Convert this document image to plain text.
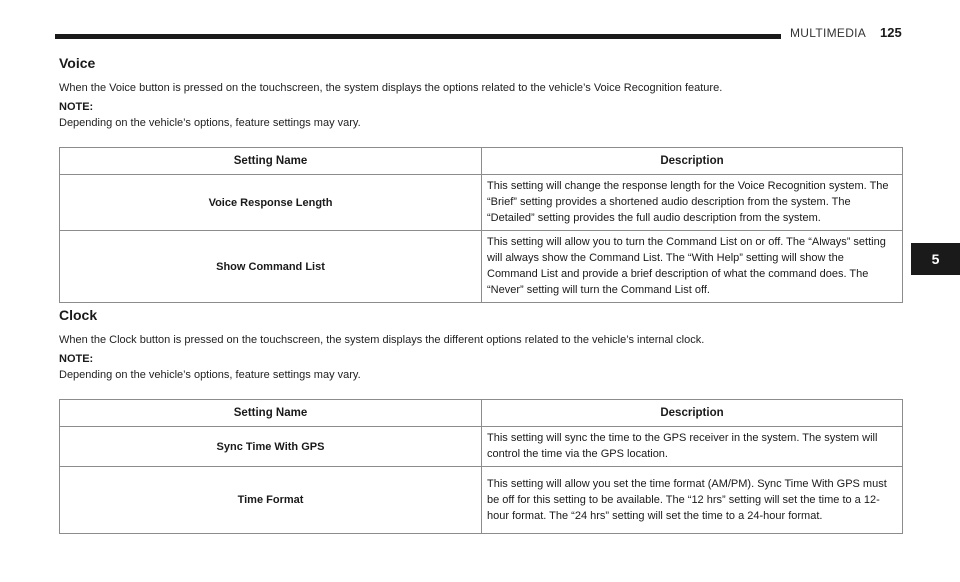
MULTIMEDIA 125
5
Voice
When the Voice button is pressed on the touchscreen, the system displays the options related to the vehicle’s Voice Recognition feature.
NOTE:
Depending on the vehicle’s options, feature settings may vary.
Setting Name	Description
Voice Response Length	This setting will change the response length for the Voice Recognition system. The “Brief” setting provides a shortened audio description from the system. The “Detailed” setting provides the full audio description from the system.
Show Command List	This setting will allow you to turn the Command List on or off. The “Always” setting will always show the Command List. The “With Help” setting will show the Command List and provide a brief description of what the command does. The “Never” setting will turn the Command List off.
Clock
When the Clock button is pressed on the touchscreen, the system displays the different options related to the vehicle’s internal clock.
NOTE:
Depending on the vehicle’s options, feature settings may vary.
Setting Name	Description
Sync Time With GPS	This setting will sync the time to the GPS receiver in the system. The system will control the time via the GPS location.
Time Format	This setting will allow you set the time format (AM/PM). Sync Time With GPS must be off for this setting to be available. The “12 hrs” setting will set the time to a 12-hour format. The “24 hrs” setting will set the time to a 24-hour format.
